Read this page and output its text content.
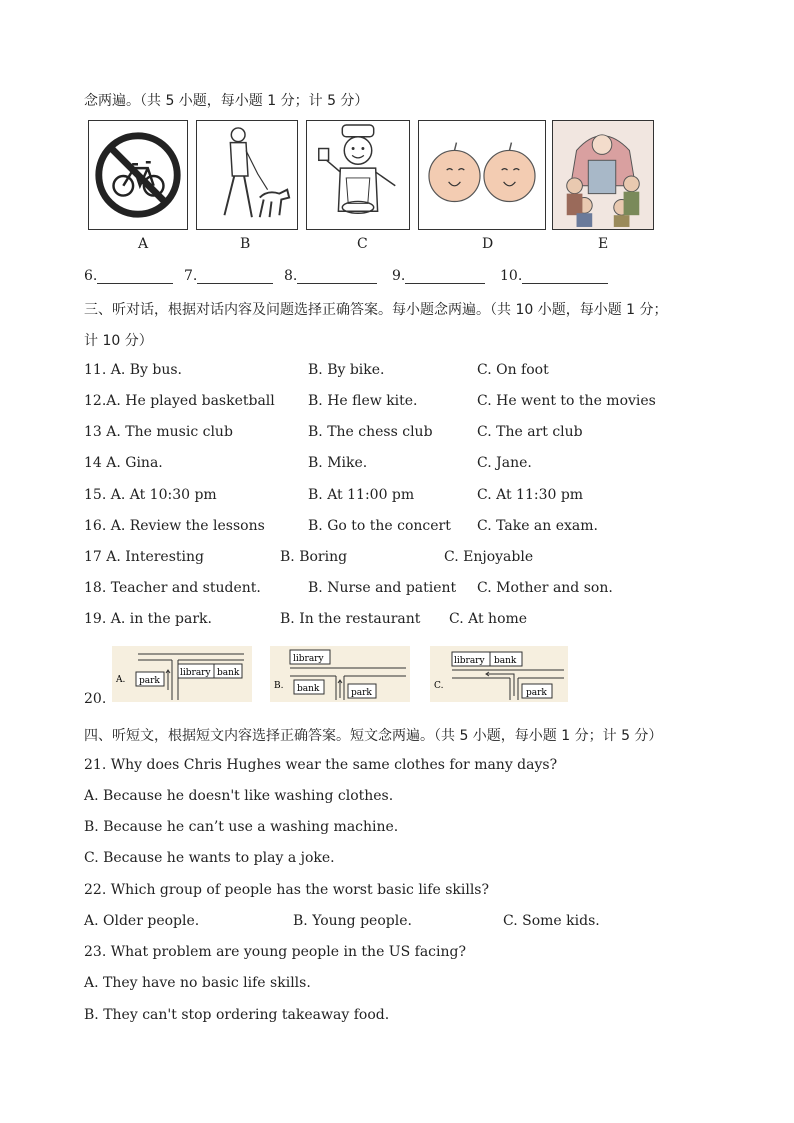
念两遍。（共 5 小题，每小题 1 分；计 5 分）
A	B	C	D	E
6.	7.	8.	9.	10.
三、听对话，根据对话内容及问题选择正确答案。每小题念两遍。（共 10 小题，每小题 1 分；
计 10 分）
11. A. By bus.	B. By bike.	C. On foot
12.A. He played basketball B. He flew kite.	C. He went to the movies
13 A. The music club	B. The chess club	C. The art club
14 A. Gina.	B. Mike.	C. Jane.
15. A. At 10:30 pm	B. At 11:00 pm	C. At 11:30 pm
16. A. Review the lessons	B. Go to the concert C. Take an exam.
17 A. Interesting	B. Boring	C. Enjoyable
18. Teacher and student.	B. Nurse and patient C. Mother and son.
19. A. in the park.	B. In the restaurant C. At home
20.
A. park
library bank
B.
library
bank	park
C.
library bank
park
四、听短文，根据短文内容选择正确答案。短文念两遍。（共 5 小题，每小题 1 分；计 5 分）
21. Why does Chris Hughes wear the same clothes for many days?
A. Because he doesn't like washing clothes.
B. Because he can’t use a washing machine.
C. Because he wants to play a joke.
22. Which group of people has the worst basic life skills?
A. Older people.	B. Young people.	C. Some kids.
23. What problem are young people in the US facing?
A. They have no basic life skills.
B. They can't stop ordering takeaway food.
